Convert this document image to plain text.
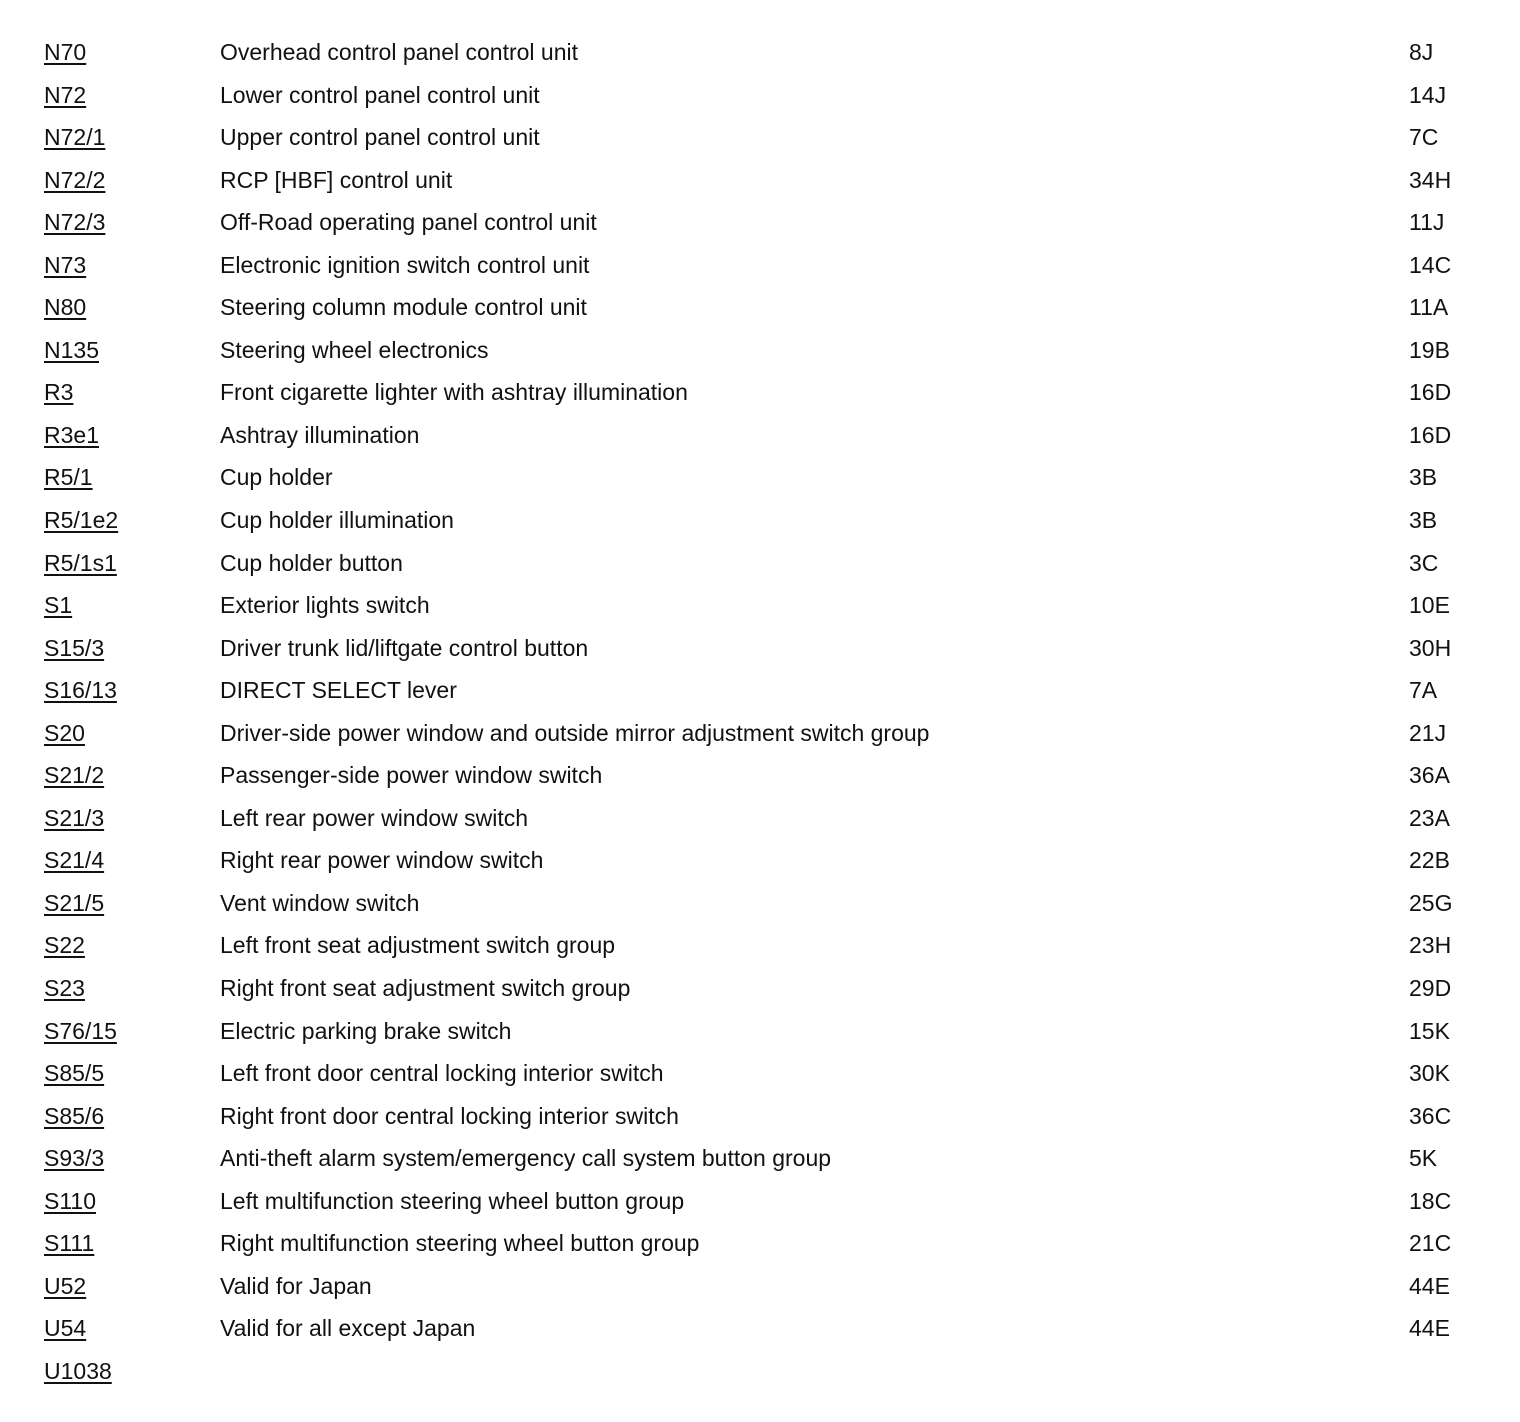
N70	Overhead control panel control unit	8J
N72	Lower control panel control unit	14J
N72/1	Upper control panel control unit	7C
N72/2	RCP [HBF] control unit	34H
N72/3	Off-Road operating panel control unit	11J
N73	Electronic ignition switch control unit	14C
N80	Steering column module control unit	11A
N135	Steering wheel electronics	19B
R3	Front cigarette lighter with ashtray illumination	16D
R3e1	Ashtray illumination	16D
R5/1	Cup holder	3B
R5/1e2	Cup holder illumination	3B
R5/1s1	Cup holder button	3C
S1	Exterior lights switch	10E
S15/3	Driver trunk lid/liftgate control button	30H
S16/13	DIRECT SELECT lever	7A
S20	Driver-side power window and outside mirror adjustment switch group	21J
S21/2	Passenger-side power window switch	36A
S21/3	Left rear power window switch	23A
S21/4	Right rear power window switch	22B
S21/5	Vent window switch	25G
S22	Left front seat adjustment switch group	23H
S23	Right front seat adjustment switch group	29D
S76/15	Electric parking brake switch	15K
S85/5	Left front door central locking interior switch	30K
S85/6	Right front door central locking interior switch	36C
S93/3	Anti-theft alarm system/emergency call system button group	5K
S110	Left multifunction steering wheel button group	18C
S111	Right multifunction steering wheel button group	21C
U52	Valid for Japan	44E
U54	Valid for all except Japan	44E
U1038
